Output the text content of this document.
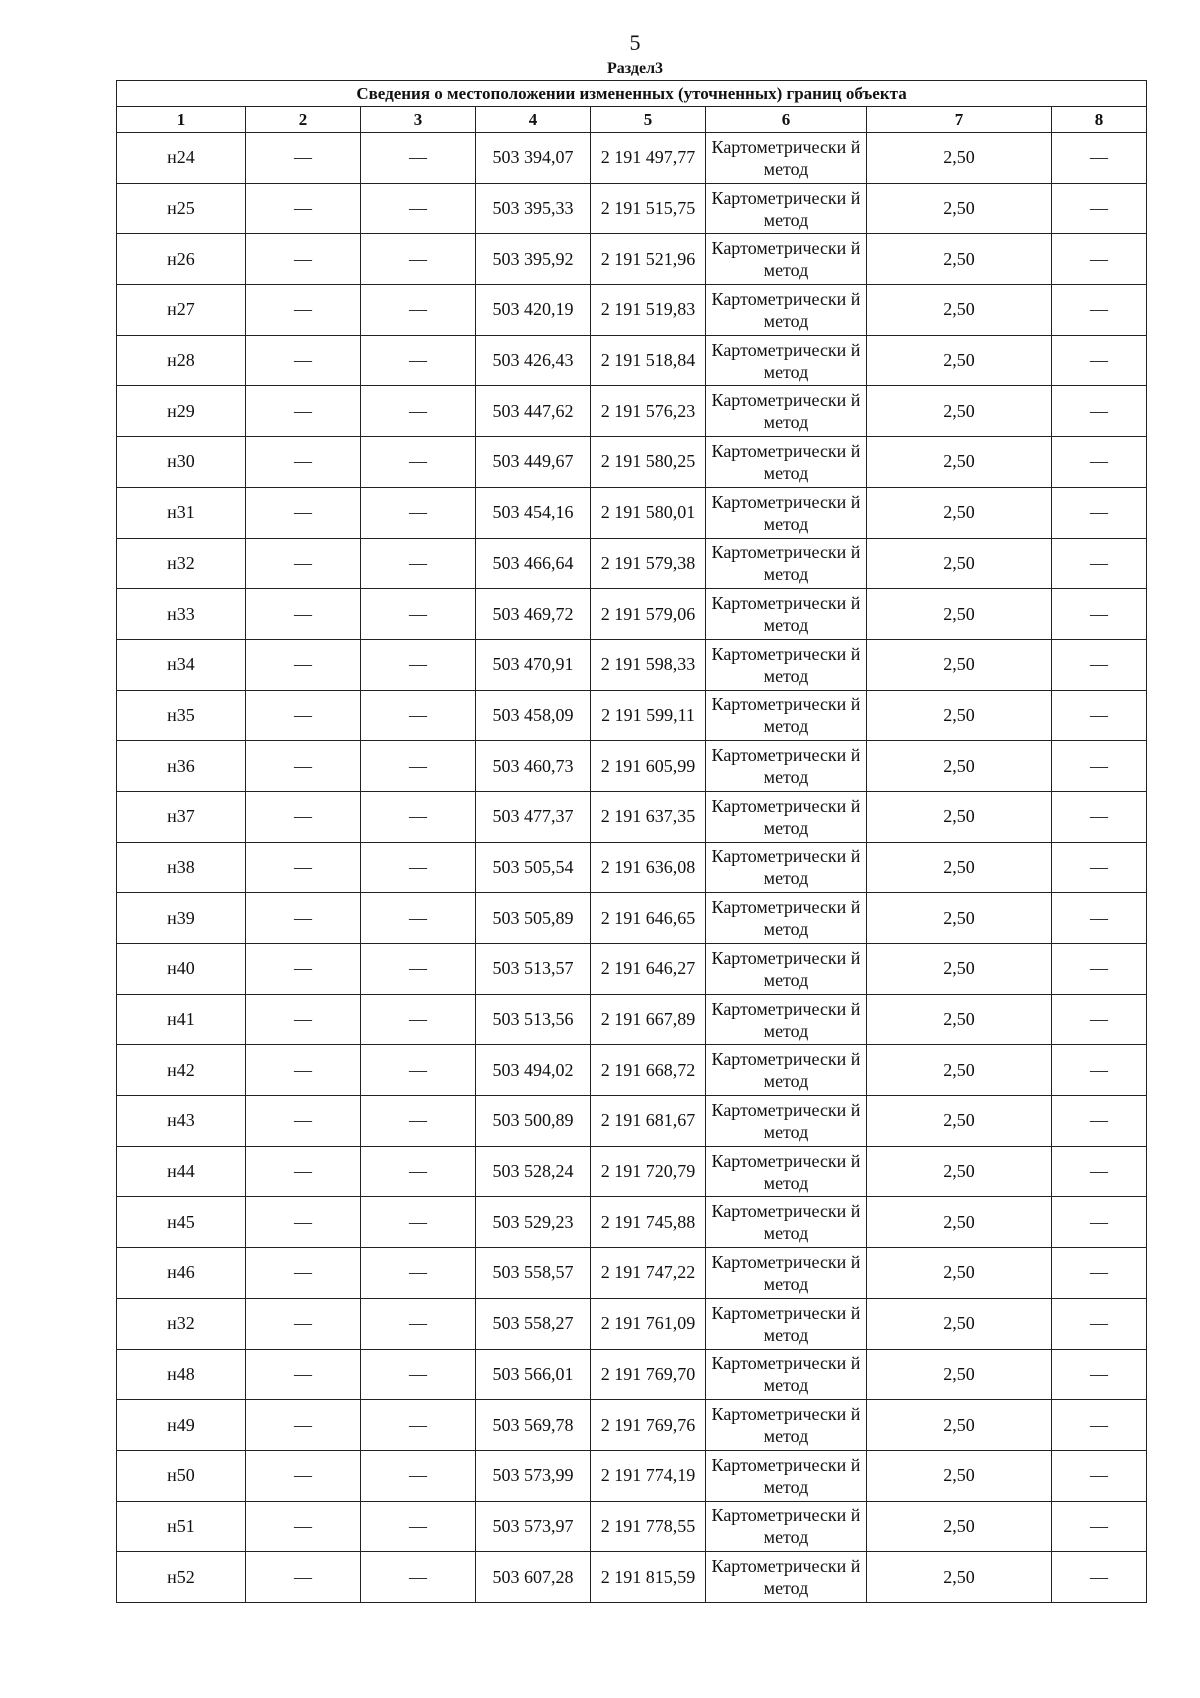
5
Раздел3
Сведения о местоположении измененных (уточненных) границ объекта							
1	2	3	4	5	6	7	8
н24	—	—	503 394,07	2 191 497,77	Картометрически й метод	2,50	—
н25	—	—	503 395,33	2 191 515,75	Картометрически й метод	2,50	—
н26	—	—	503 395,92	2 191 521,96	Картометрически й метод	2,50	—
н27	—	—	503 420,19	2 191 519,83	Картометрически й метод	2,50	—
н28	—	—	503 426,43	2 191 518,84	Картометрически й метод	2,50	—
н29	—	—	503 447,62	2 191 576,23	Картометрически й метод	2,50	—
н30	—	—	503 449,67	2 191 580,25	Картометрически й метод	2,50	—
н31	—	—	503 454,16	2 191 580,01	Картометрически й метод	2,50	—
н32	—	—	503 466,64	2 191 579,38	Картометрически й метод	2,50	—
н33	—	—	503 469,72	2 191 579,06	Картометрически й метод	2,50	—
н34	—	—	503 470,91	2 191 598,33	Картометрически й метод	2,50	—
н35	—	—	503 458,09	2 191 599,11	Картометрически й метод	2,50	—
н36	—	—	503 460,73	2 191 605,99	Картометрически й метод	2,50	—
н37	—	—	503 477,37	2 191 637,35	Картометрически й метод	2,50	—
н38	—	—	503 505,54	2 191 636,08	Картометрически й метод	2,50	—
н39	—	—	503 505,89	2 191 646,65	Картометрически й метод	2,50	—
н40	—	—	503 513,57	2 191 646,27	Картометрически й метод	2,50	—
н41	—	—	503 513,56	2 191 667,89	Картометрически й метод	2,50	—
н42	—	—	503 494,02	2 191 668,72	Картометрически й метод	2,50	—
н43	—	—	503 500,89	2 191 681,67	Картометрически й метод	2,50	—
н44	—	—	503 528,24	2 191 720,79	Картометрически й метод	2,50	—
н45	—	—	503 529,23	2 191 745,88	Картометрически й метод	2,50	—
н46	—	—	503 558,57	2 191 747,22	Картометрически й метод	2,50	—
н32	—	—	503 558,27	2 191 761,09	Картометрически й метод	2,50	—
н48	—	—	503 566,01	2 191 769,70	Картометрически й метод	2,50	—
н49	—	—	503 569,78	2 191 769,76	Картометрически й метод	2,50	—
н50	—	—	503 573,99	2 191 774,19	Картометрически й метод	2,50	—
н51	—	—	503 573,97	2 191 778,55	Картометрически й метод	2,50	—
н52	—	—	503 607,28	2 191 815,59	Картометрически й метод	2,50	—
